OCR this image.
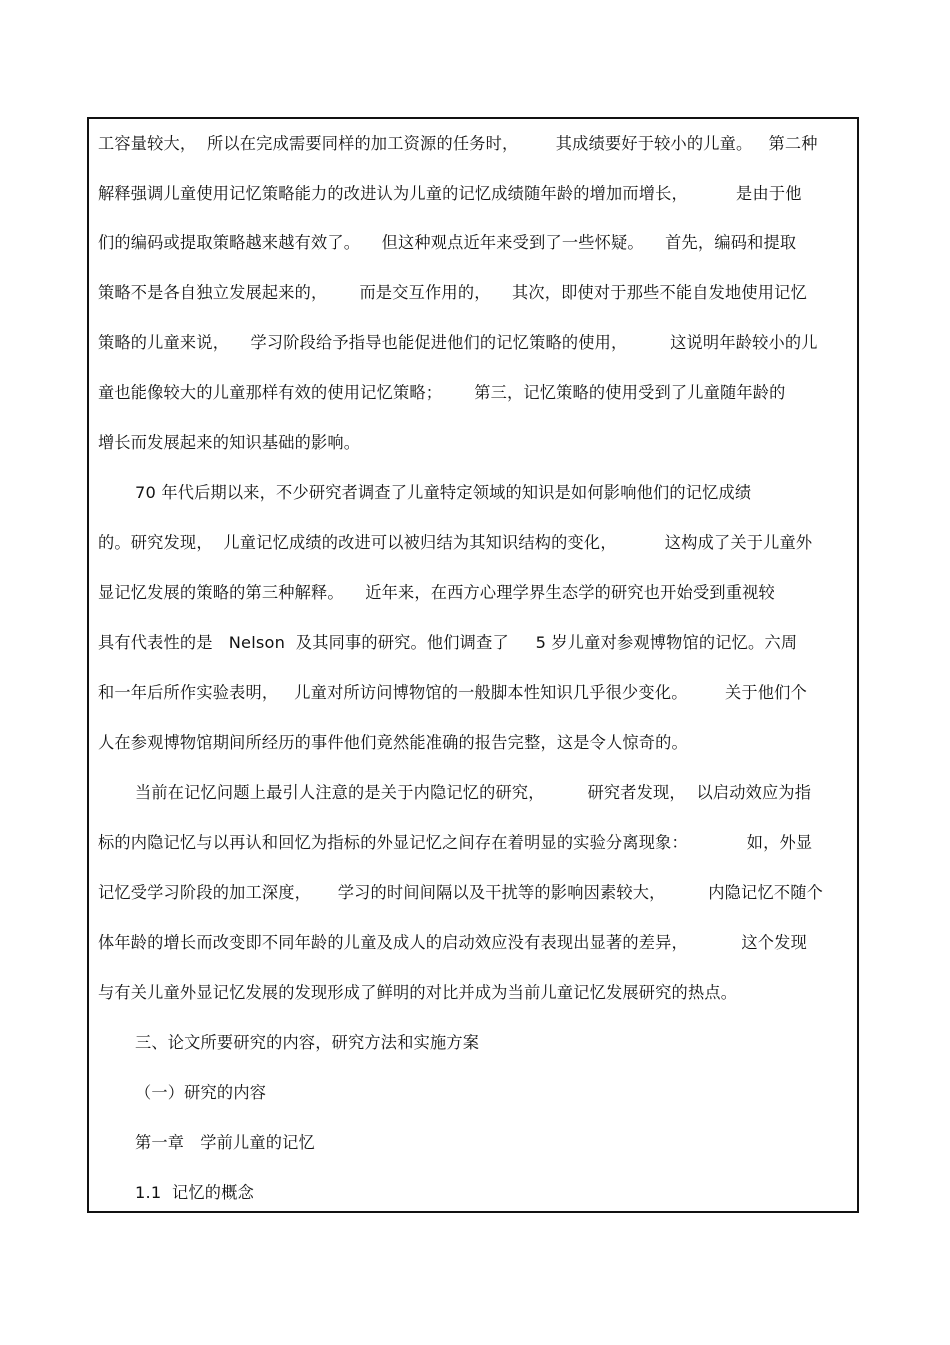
工容量较大，  所以在完成需要同样的加工资源的任务时，       其成绩要好于较小的儿童。   第二种
解释强调儿童使用记忆策略能力的改进认为儿童的记忆成绩随年龄的增加而增长，         是由于他
们的编码或提取策略越来越有效了。    但这种观点近年来受到了一些怀疑。    首先，编码和提取
策略不是各自独立发展起来的，      而是交互作用的，    其次，即使对于那些不能自发地使用记忆
策略的儿童来说，    学习阶段给予指导也能促进他们的记忆策略的使用，        这说明年龄较小的儿
童也能像较大的儿童那样有效的使用记忆策略；      第三，记忆策略的使用受到了儿童随年龄的
增长而发展起来的知识基础的影响。
70 年代后期以来，不少研究者调查了儿童特定领域的知识是如何影响他们的记忆成绩
的。研究发现，  儿童记忆成绩的改进可以被归结为其知识结构的变化，         这构成了关于儿童外
显记忆发展的策略的第三种解释。    近年来，在西方心理学界生态学的研究也开始受到重视较
具有代表性的是   Nelson  及其同事的研究。他们调查了     5 岁儿童对参观博物馆的记忆。六周
和一年后所作实验表明，   儿童对所访问博物馆的一般脚本性知识几乎很少变化。       关于他们个
人在参观博物馆期间所经历的事件他们竟然能准确的报告完整，这是令人惊奇的。
当前在记忆问题上最引人注意的是关于内隐记忆的研究，        研究者发现，  以启动效应为指
标的内隐记忆与以再认和回忆为指标的外显记忆之间存在着明显的实验分离现象：           如，外显
记忆受学习阶段的加工深度，     学习的时间间隔以及干扰等的影响因素较大，        内隐记忆不随个
体年龄的增长而改变即不同年龄的儿童及成人的启动效应没有表现出显著的差异，          这个发现
与有关儿童外显记忆发展的发现形成了鲜明的对比并成为当前儿童记忆发展研究的热点。
三、论文所要研究的内容，研究方法和实施方案
（一）研究的内容
第一章   学前儿童的记忆
1.1  记忆的概念
